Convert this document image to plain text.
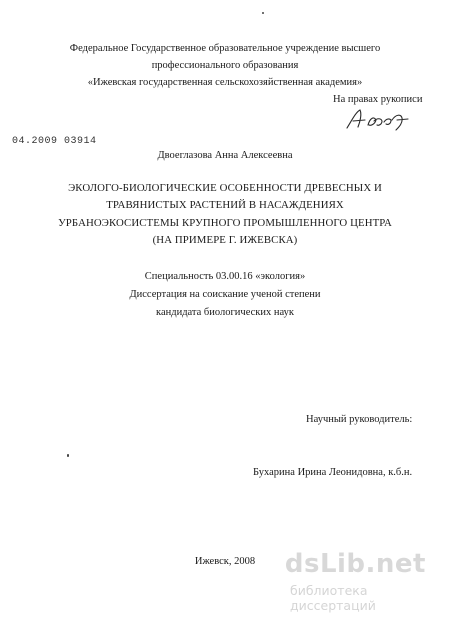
Федеральное Государственное образовательное учреждение высшего
профессионального образования
«Ижевская государственная сельскохозяйственная академия»
На правах рукописи
04.2009 03914
Двоеглазова Анна Алексеевна
ЭКОЛОГО-БИОЛОГИЧЕСКИЕ ОСОБЕННОСТИ ДРЕВЕСНЫХ И
ТРАВЯНИСТЫХ РАСТЕНИЙ В НАСАЖДЕНИЯХ
УРБАНОЭКОСИСТЕМЫ КРУПНОГО ПРОМЫШЛЕННОГО ЦЕНТРА
(НА ПРИМЕРЕ Г. ИЖЕВСКА)
Специальность 03.00.16 «экология»
Диссертация на соискание ученой степени
кандидата биологических наук
Научный руководитель:
Бухарина Ирина Леонидовна, к.б.н.
Ижевск, 2008	dsLib.net
библиотека диссертаций
